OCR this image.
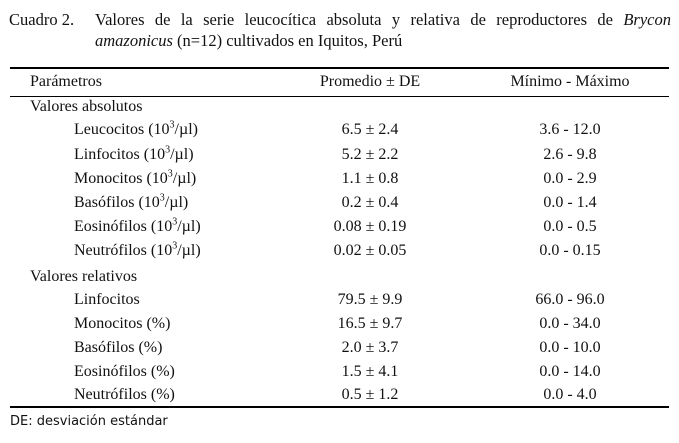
Cuadro 2.	Valores de la serie leucocítica absoluta y relativa de reproductores de Brycon
amazonicus (n=12) cultivados en Iquitos, Perú
Parámetros	Promedio ± DE	Mínimo - Máximo
Valores absolutos
Leucocitos $(10^3/\mu l)$	6.5 ± 2.4	3.6 - 12.0
Linfocitos $(10^3/\mu l)$	5.2 ± 2.2	2.6 - 9.8
Monocitos $(10^3/\mu l)$	1.1 ± 0.8	0.0 - 2.9
Basófilos $(10^3/\mu l)$	0.2 ± 0.4	0.0 - 1.4
Eosinófilos $(10^3/\mu l)$	0.08 ± 0.19	0.0 - 0.5
Neutrófilos $(10^3/\mu l)$	0.02 ± 0.05	0.0 - 0.15
Valores relativos
Linfocitos	79.5 ± 9.9	66.0 - 96.0
Monocitos (%)	16.5 ± 9.7	0.0 - 34.0
Basófilos (%)	2.0 ± 3.7	0.0 - 10.0
Eosinófilos (%)	1.5 ± 4.1	0.0 - 14.0
Neutrófilos (%)	0.5 ± 1.2	0.0 - 4.0
DE: desviación estándar
